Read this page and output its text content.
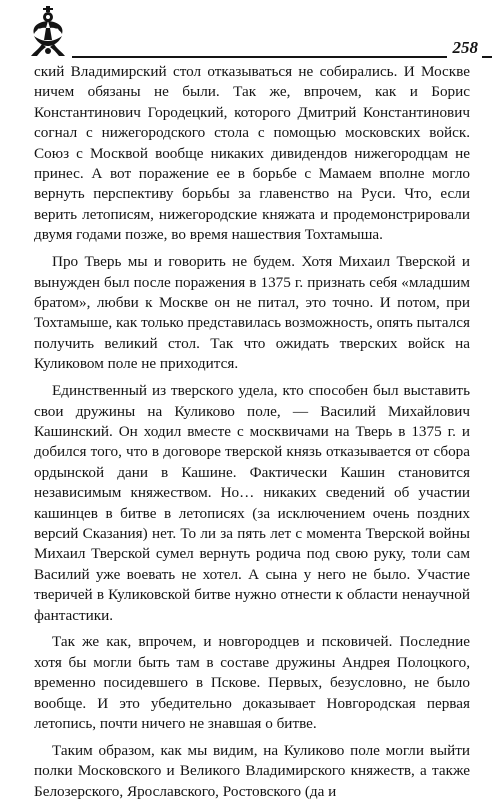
258

ский Владимирский стол отказываться не собирались. И Москве ничем обязаны не были. Так же, впрочем, как и Борис Константинович Городецкий, которого Дмитрий Константинович согнал с нижегородского стола с помощью московских войск. Союз с Москвой вообще никаких дивидендов нижегородцам не принес. А вот поражение ее в борьбе с Мамаем вполне могло вернуть перспективу борьбы за главенство на Руси. Что, если верить летописям, нижегородские княжата и продемонстрировали двумя годами позже, во время нашествия Тохтамыша.

Про Тверь мы и говорить не будем. Хотя Михаил Тверской и вынужден был после поражения в 1375 г. признать себя «младшим братом», любви к Москве он не питал, это точно. И потом, при Тохтамыше, как только представилась возможность, опять пытался получить великий стол. Так что ожидать тверских войск на Куликовом поле не приходится.

Единственный из тверского удела, кто способен был выставить свои дружины на Куликово поле, — Василий Михайлович Кашинский. Он ходил вместе с москвичами на Тверь в 1375 г. и добился того, что в договоре тверской князь отказывается от сбора ордынской дани в Кашине. Фактически Кашин становится независимым княжеством. Но… никаких сведений об участии кашинцев в битве в летописях (за исключением очень поздних версий Сказания) нет. То ли за пять лет с момента Тверской войны Михаил Тверской сумел вернуть родича под свою руку, толи сам Василий уже воевать не хотел. А сына у него не было. Участие тверичей в Куликовской битве нужно отнести к области ненаучной фантастики.

Так же как, впрочем, и новгородцев и псковичей. Последние хотя бы могли быть там в составе дружины Андрея Полоцкого, временно посидевшего в Пскове. Первых, безусловно, не было вообще. И это убедительно доказывает Новгородская первая летопись, почти ничего не знавшая о битве.

Таким образом, как мы видим, на Куликово поле могли выйти полки Московского и Великого Владимирского княжеств, а также Белозерского, Ярославского, Ростовского (да и
